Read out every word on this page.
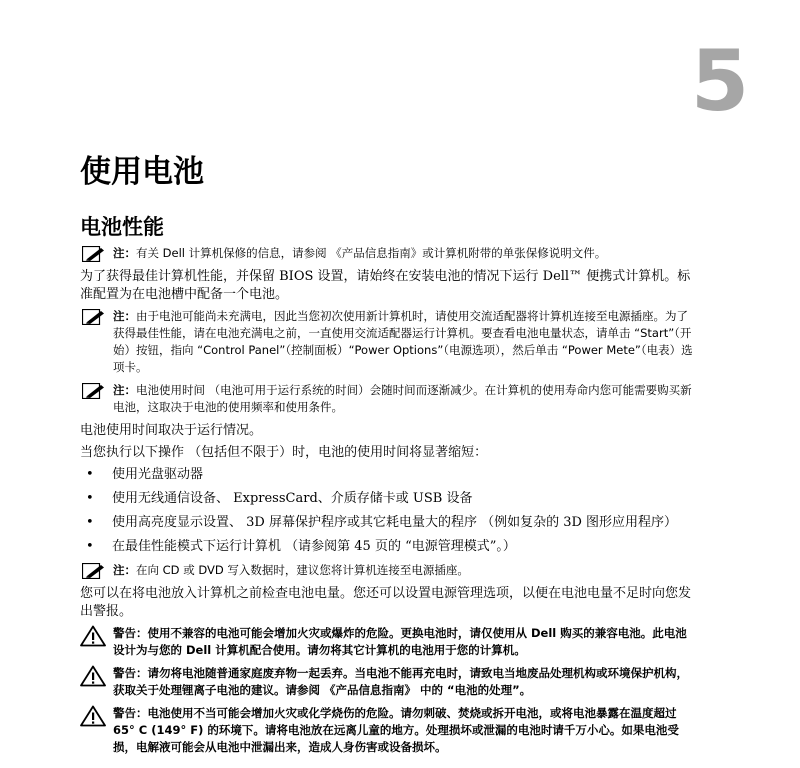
5
使用电池
电池性能
注：有关 Dell 计算机保修的信息，请参阅 《产品信息指南》或计算机附带的单张保修说明文件。

为了获得最佳计算机性能，并保留 BIOS 设置，请始终在安装电池的情况下运行 Dell™ 便携式计算机。标准配置为在电池槽中配备一个电池。

注：由于电池可能尚未充满电，因此当您初次使用新计算机时，请使用交流适配器将计算机连接至电源插座。为了获得最佳性能，请在电池充满电之前，一直使用交流适配器运行计算机。要查看电池电量状态，请单击 “Start”（开始）按钮，指向 “Control Panel”（控制面板）“Power Options”（电源选项），然后单击 “Power Mete”（电表）选项卡。
注：电池使用时间 （电池可用于运行系统的时间）会随时间而逐渐减少。在计算机的使用寿命内您可能需要购买新电池，这取决于电池的使用频率和使用条件。

电池使用时间取决于运行情况。

当您执行以下操作 （包括但不限于）时，电池的使用时间将显著缩短：

• 使用光盘驱动器
• 使用无线通信设备、 ExpressCard、介质存储卡或 USB 设备
• 使用高亮度显示设置、 3D 屏幕保护程序或其它耗电量大的程序 （例如复杂的 3D 图形应用程序）
• 在最佳性能模式下运行计算机 （请参阅第 45 页的 “电源管理模式”。）
注：在向 CD 或 DVD 写入数据时，建议您将计算机连接至电源插座。

您可以在将电池放入计算机之前检查电池电量。您还可以设置电源管理选项，以便在电池电量不足时向您发出警报。

警告：使用不兼容的电池可能会增加火灾或爆炸的危险。更换电池时，请仅使用从 Dell 购买的兼容电池。此电池设计为与您的 Dell 计算机配合使用。请勿将其它计算机的电池用于您的计算机。
警告：请勿将电池随普通家庭废弃物一起丢弃。当电池不能再充电时，请致电当地废品处理机构或环境保护机构，获取关于处理锂离子电池的建议。请参阅 《产品信息指南》 中的 “电池的处理”。
警告：电池使用不当可能会增加火灾或化学烧伤的危险。请勿刺破、焚烧或拆开电池，或将电池暴露在温度超过 65° C (149° F) 的环境下。请将电池放在远离儿童的地方。处理损坏或泄漏的电池时请千万小心。如果电池受损，电解液可能会从电池中泄漏出来，造成人身伤害或设备损坏。
